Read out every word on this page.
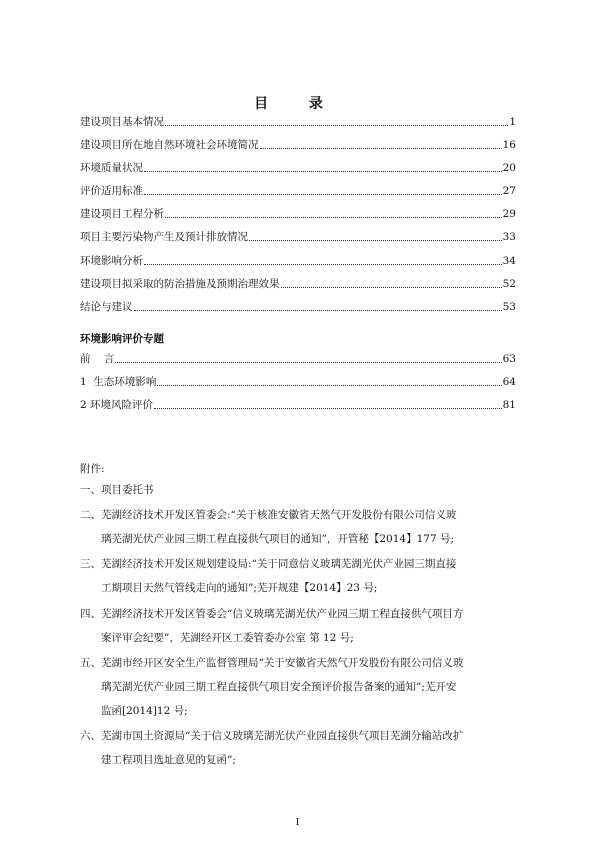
目 录
建设项目基本情况	1
建设项目所在地自然环境社会环境简况	16
环境质量状况	20
评价适用标准	27
建设项目工程分析	29
项目主要污染物产生及预计排放情况	33
环境影响分析	34
建设项目拟采取的防治措施及预期治理效果	52
结论与建议	53
环境影响评价专题
前    言	63
1  生态环境影响	64
2 环境风险评价	81
附件:
一、项目委托书
二、芜湖经济技术开发区管委会:“关于核准安徽省天然气开发股份有限公司信义玻
璃芜湖光伏产业园三期工程直接供气项目的通知”，开管秘【2014】177 号;
三、芜湖经济技术开发区规划建设局:“关于同意信义玻璃芜湖光伏产业园三期直接
工期项目天然气管线走向的通知”;芜开规建【2014】23 号;
四、芜湖经济技术开发区管委会“信义玻璃芜湖光伏产业园三期工程直接供气项目方
案评审会纪要”，芜湖经开区工委管委办公室 第 12 号;
五、芜湖市经开区安全生产监督管理局“关于安徽省天然气开发股份有限公司信义玻
璃芜湖光伏产业园三期工程直接供气项目安全预评价报告备案的通知”;芜开安
监函[2014]12 号;
六、芜湖市国土资源局“关于信义玻璃芜湖光伏产业园直接供气项目芜湖分输站改扩
建工程项目选址意见的复函”;
I
